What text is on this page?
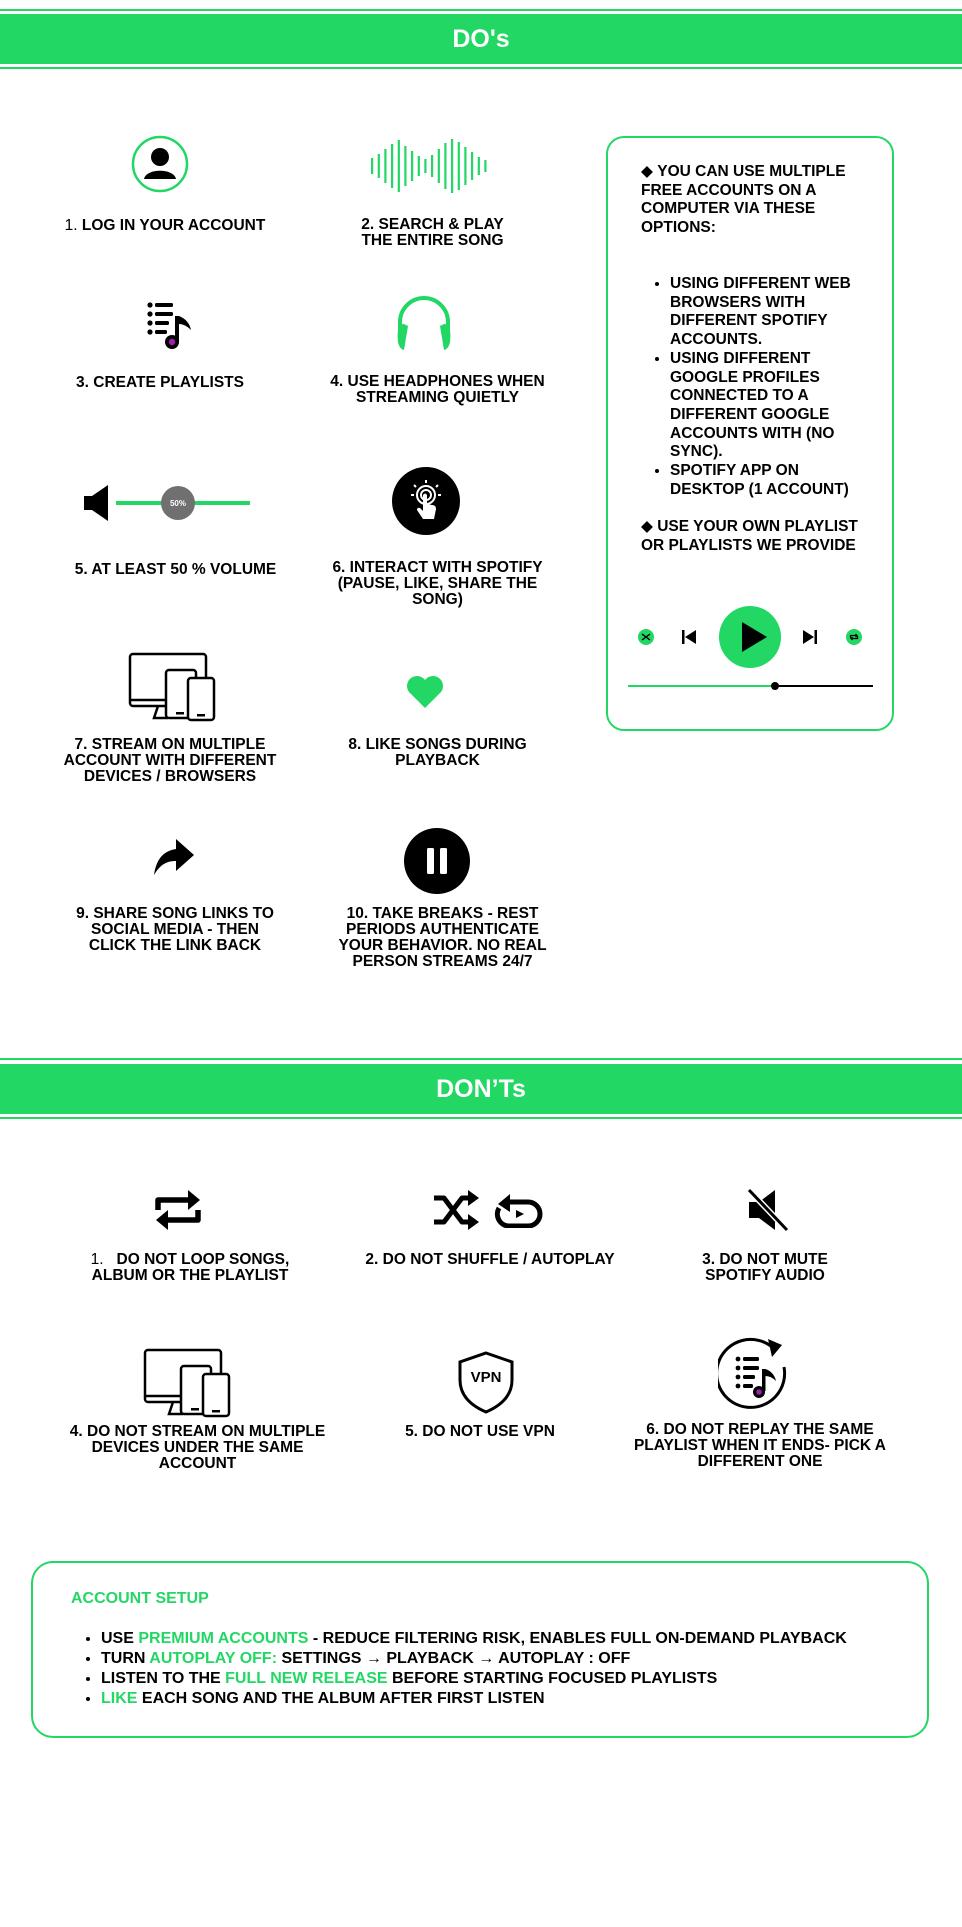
DO's
1. LOG IN YOUR ACCOUNT	2. SEARCH & PLAY
THE ENTIRE SONG
3. CREATE PLAYLISTS	4. USE HEADPHONES WHEN
STREAMING QUIETLY
50%
5. AT LEAST 50 % VOLUME	6. INTERACT WITH SPOTIFY
(PAUSE, LIKE, SHARE THE
SONG)
7. STREAM ON MULTIPLE
ACCOUNT WITH DIFFERENT
DEVICES / BROWSERS
8. LIKE SONGS DURING
PLAYBACK
9. SHARE SONG LINKS TO
SOCIAL MEDIA - THEN
CLICK THE LINK BACK
10. TAKE BREAKS - REST
PERIODS AUTHENTICATE
YOUR BEHAVIOR. NO REAL
PERSON STREAMS 24/7
◆ YOU CAN USE MULTIPLE FREE ACCOUNTS ON A COMPUTER VIA THESE OPTIONS:
• USING DIFFERENT WEB BROWSERS WITH DIFFERENT SPOTIFY ACCOUNTS.
• USING DIFFERENT GOOGLE PROFILES CONNECTED TO A DIFFERENT GOOGLE ACCOUNTS WITH (NO SYNC).
• SPOTIFY APP ON DESKTOP (1 ACCOUNT)
◆ USE YOUR OWN PLAYLIST OR PLAYLISTS WE PROVIDE
DON’Ts
1. DO NOT LOOP SONGS,
ALBUM OR THE PLAYLIST
2. DO NOT SHUFFLE / AUTOPLAY	3. DO NOT MUTE
SPOTIFY AUDIO
4. DO NOT STREAM ON MULTIPLE
DEVICES UNDER THE SAME
ACCOUNT
VPN
5. DO NOT USE VPN	6. DO NOT REPLAY THE SAME
PLAYLIST WHEN IT ENDS- PICK A
DIFFERENT ONE
ACCOUNT SETUP
• USE PREMIUM ACCOUNTS - REDUCE FILTERING RISK, ENABLES FULL ON-DEMAND PLAYBACK
• TURN AUTOPLAY OFF: SETTINGS → PLAYBACK → AUTOPLAY : OFF
• LISTEN TO THE FULL NEW RELEASE BEFORE STARTING FOCUSED PLAYLISTS
• LIKE EACH SONG AND THE ALBUM AFTER FIRST LISTEN
